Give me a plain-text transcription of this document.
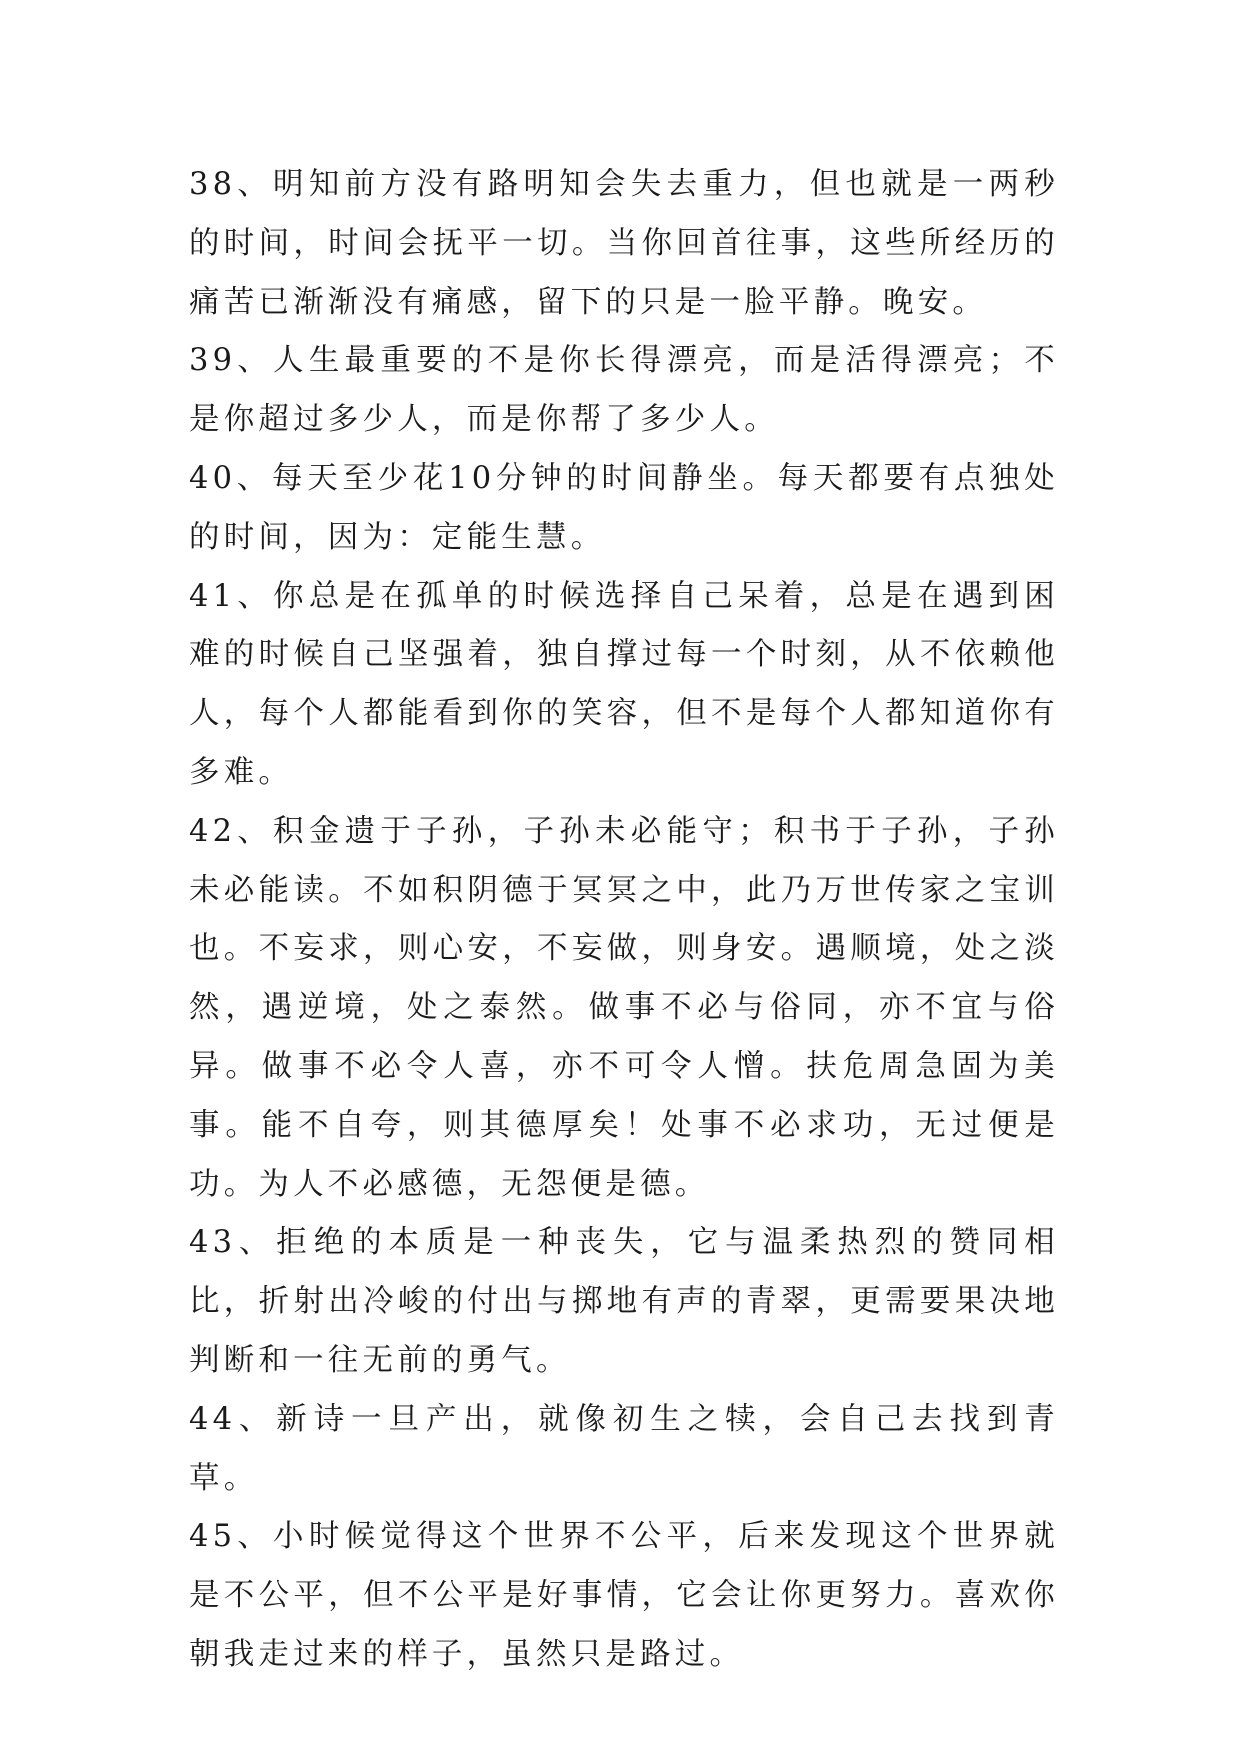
38、明知前方没有路明知会失去重力，但也就是一两秒的时间，时间会抚平一切。当你回首往事，这些所经历的痛苦已渐渐没有痛感，留下的只是一脸平静。晚安。

39、人生最重要的不是你长得漂亮，而是活得漂亮；不是你超过多少人，而是你帮了多少人。

40、每天至少花10分钟的时间静坐。每天都要有点独处的时间，因为：定能生慧。

41、你总是在孤单的时候选择自己呆着，总是在遇到困难的时候自己坚强着，独自撑过每一个时刻，从不依赖他人，每个人都能看到你的笑容，但不是每个人都知道你有多难。

42、积金遗于子孙，子孙未必能守；积书于子孙，子孙未必能读。不如积阴德于冥冥之中，此乃万世传家之宝训也。不妄求，则心安，不妄做，则身安。遇顺境，处之淡然，遇逆境，处之泰然。做事不必与俗同，亦不宜与俗异。做事不必令人喜，亦不可令人憎。扶危周急固为美事。能不自夸，则其德厚矣！处事不必求功，无过便是功。为人不必感德，无怨便是德。

43、拒绝的本质是一种丧失，它与温柔热烈的赞同相比，折射出冷峻的付出与掷地有声的青翠，更需要果决地判断和一往无前的勇气。

44、新诗一旦产出，就像初生之犊，会自己去找到青草。

45、小时候觉得这个世界不公平，后来发现这个世界就是不公平，但不公平是好事情，它会让你更努力。喜欢你朝我走过来的样子，虽然只是路过。
